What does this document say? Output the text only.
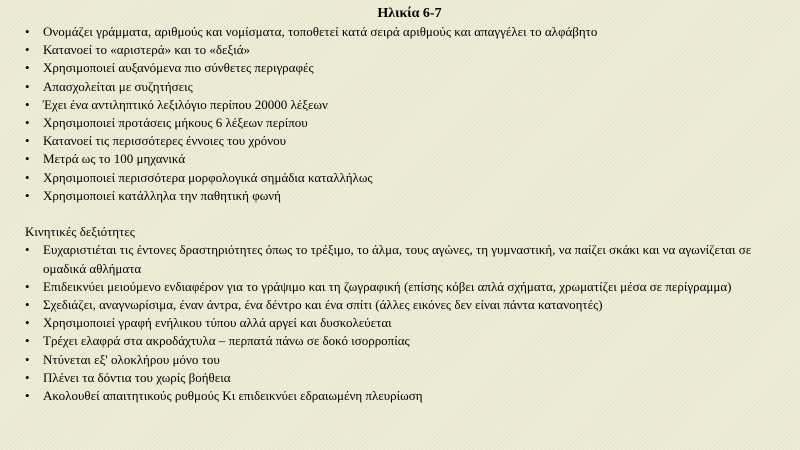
Ηλικία 6-7
• Ονομάζει γράμματα, αριθμούς και νομίσματα, τοποθετεί κατά σειρά αριθμούς και απαγγέλει το αλφάβητο
• Κατανοεί το «αριστερά» και το «δεξιά»
• Χρησιμοποιεί αυξανόμενα πιο σύνθετες περιγραφές
• Απασχολείται με συζητήσεις
• Έχει ένα αντιληπτικό λεξιλόγιο περίπου 20000 λέξεων
• Χρησιμοποιεί προτάσεις μήκους 6 λέξεων περίπου
• Κατανοεί τις περισσότερες έννοιες του χρόνου
• Μετρά ως το 100 μηχανικά
• Χρησιμοποιεί περισσότερα μορφολογικά σημάδια καταλλήλως
• Χρησιμοποιεί κατάλληλα την παθητική φωνή
Κινητικές δεξιότητες
• Ευχαριστιέται τις έντονες δραστηριότητες όπως το τρέξιμο, το άλμα, τους αγώνες, τη γυμναστική, να παίζει σκάκι και να αγωνίζεται σε ομαδικά αθλήματα
• Επιδεικνύει μειούμενο ενδιαφέρον για το γράψιμο και τη ζωγραφική (επίσης κόβει απλά σχήματα, χρωματίζει μέσα σε περίγραμμα)
• Σχεδιάζει, αναγνωρίσιμα, έναν άντρα, ένα δέντρο και ένα σπίτι (άλλες εικόνες δεν είναι πάντα κατανοητές)
• Χρησιμοποιεί γραφή ενήλικου τύπου αλλά αργεί και δυσκολεύεται
• Τρέχει ελαφρά στα ακροδάχτυλα – περπατά πάνω σε δοκό ισορροπίας
• Ντύνεται εξ' ολοκλήρου μόνο του
• Πλένει τα δόντια του χωρίς βοήθεια
• Ακολουθεί απαιτητικούς ρυθμούς Κι επιδεικνύει εδραιωμένη πλευρίωση
